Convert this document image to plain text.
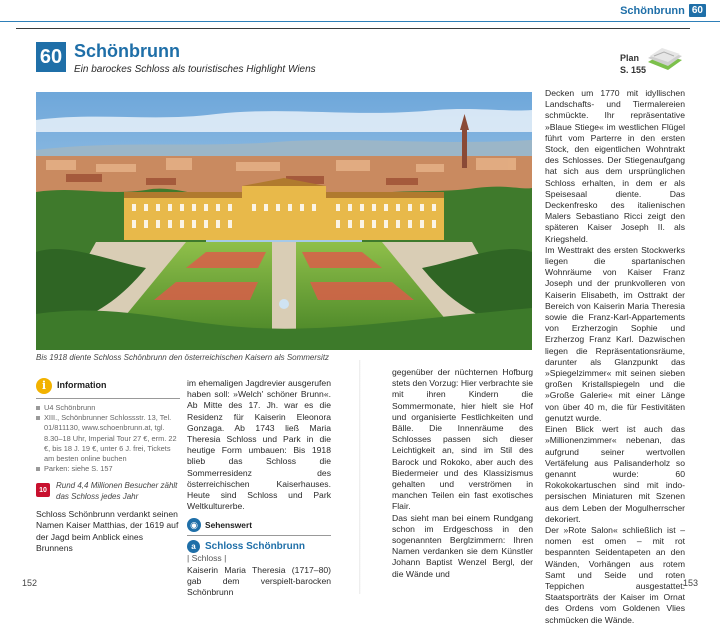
Schönbrunn 60
60 Schönbrunn
Ein barockes Schloss als touristisches Highlight Wiens
Plan
S. 155
Bis 1918 diente Schloss Schönbrunn den österreichischen Kaisern als Sommersitz
i	Information
U4 Schönbrunn
XIII., Schönbrunner Schlossstr. 13, Tel. 01/811130, www.schoenbrunn.at, tgl. 8.30–18 Uhr, Imperial Tour 27 €, erm. 22 €, bis 18 J. 19 €, unter 6 J. frei, Tickets am besten online buchen
Parken: siehe S. 157
10	Rund 4,4 Millionen Besucher zählt das Schloss jedes Jahr

Schloss Schönbrunn verdankt seinen Namen Kaiser Matthias, der 1619 auf der Jagd beim Anblick eines Brunnens

im ehemaligen Jagdrevier ausgerufen haben soll: »Welch' schöner Brunn«. Ab Mitte des 17. Jh. war es die Residenz für Kaiserin Eleonora Gonzaga. Ab 1743 ließ Maria Theresia Schloss und Park in die heutige Form umbauen: Bis 1918 blieb das Schloss die Sommerresidenz des österreichischen Kaiserhauses. Heute sind Schloss und Park Weltkulturerbe.

◉ Sehenswert
a Schloss Schönbrunn
| Schloss |

Kaiserin Maria Theresia (1717–80) gab dem verspielt-barocken Schönbrunn

gegenüber der nüchternen Hofburg stets den Vorzug: Hier verbrachte sie mit ihren Kindern die Sommermonate, hier hielt sie Hof und organisierte Festlichkeiten und Bälle. Die Innenräume des Schlosses passen sich dieser Leichtigkeit an, sind im Stil des Barock und Rokoko, aber auch des Biedermeier und des Klassizismus gehalten und verströmen in manchen Teilen ein fast exotisches Flair.

Das sieht man bei einem Rundgang schon im Erdgeschoss in den sogenannten Berglzimmern: Ihren Namen verdanken sie dem Künstler Johann Baptist Wenzel Bergl, der die Wände und

Decken um 1770 mit idyllischen Landschafts- und Tiermalereien schmückte. Ihr repräsentative »Blaue Stiege« im westlichen Flügel führt vom Parterre in den ersten Stock, den eigentlichen Wohntrakt des Schlosses. Der Stiegenaufgang hat sich aus dem ursprünglichen Schloss erhalten, in dem er als Speisesaal diente. Das Deckenfresko des italienischen Malers Sebastiano Ricci zeigt den späteren Kaiser Joseph II. als Kriegsheld.

Im Westtrakt des ersten Stockwerks liegen die spartanischen Wohnräume von Kaiser Franz Joseph und der prunkvolleren von Kaiserin Elisabeth, im Osttrakt der Bereich von Kaiserin Maria Theresia sowie die Franz-Karl-Appartements von Erzherzogin Sophie und Erzherzog Franz Karl. Dazwischen liegen die Repräsentationsräume, darunter als Glanzpunkt das »Spiegelzimmer« mit seinen sieben großen Kristallspiegeln und die »Große Galerie« mit einer Länge von über 40 m, die für Festivitäten genutzt wurde.

Einen Blick wert ist auch das »Millionenzimmer« nebenan, das aufgrund seiner wertvollen Vertäfelung aus Palisanderholz so genannt wurde: 60 Rokokokartuschen sind mit indo-persischen Miniaturen mit Szenen aus dem Leben der Mogulherrscher dekoriert.

Der »Rote Salon« schließlich ist – nomen est omen – mit rot bespannten Seidentapeten an den Wänden, Vorhängen aus rotem Samt und Seide und roten Teppichen ausgestattet: Staatsporträts der Kaiser im Ornat des Ordens vom Goldenen Vlies schmücken die Wände.

152	153
